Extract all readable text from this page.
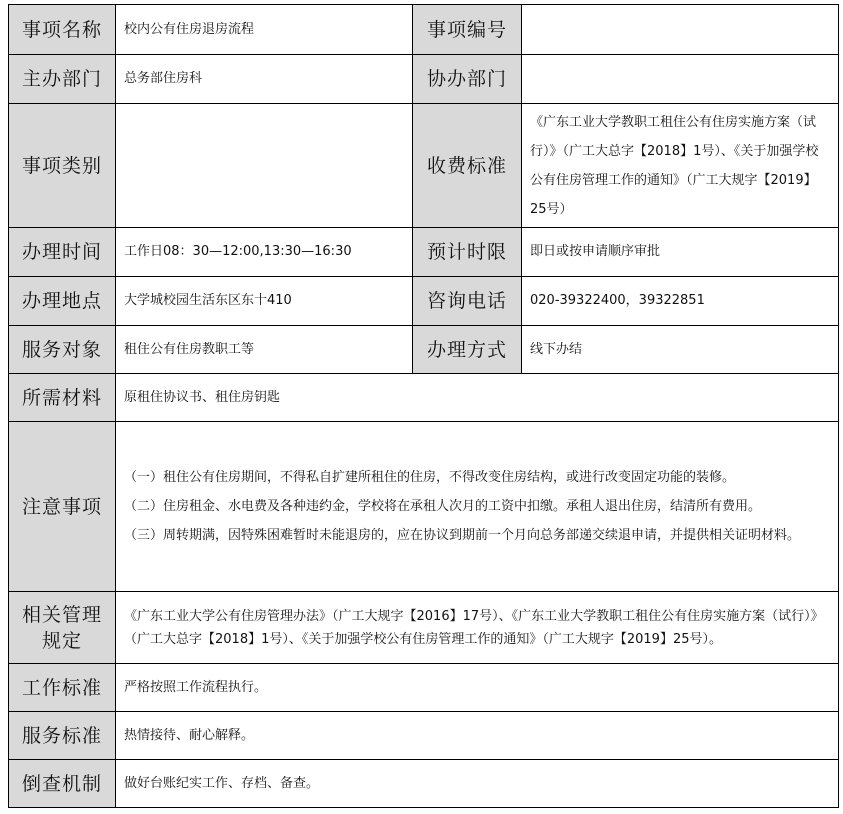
事项名称	校内公有住房退房流程	事项编号	
主办部门	总务部住房科	协办部门	
事项类别		收费标准	《广东工业大学教职工租住公有住房实施方案（试行）》（广工大总字【2018】1号）、《关于加强学校公有住房管理工作的通知》（广工大规字【2019】25号）
办理时间	工作日08：30—12:00,13:30—16:30	预计时限	即日或按申请顺序审批
办理地点	大学城校园生活东区东十410	咨询电话	020-39322400，39322851
服务对象	租住公有住房教职工等	办理方式	线下办结
所需材料	原租住协议书、租住房钥匙		
注意事项	（一）租住公有住房期间，不得私自扩建所租住的住房，不得改变住房结构，或进行改变固定功能的装修。

（二）住房租金、水电费及各种违约金，学校将在承租人次月的工资中扣缴。承租人退出住房，结清所有费用。

（三）周转期满，因特殊困难暂时未能退房的，应在协议到期前一个月向总务部递交续退申请，并提供相关证明材料。		

相关管理
规定	《广东工业大学公有住房管理办法》（广工大规字【2016】17号）、《广东工业大学教职工租住公有住房实施方案（试行）》（广工大总字【2018】1号）、《关于加强学校公有住房管理工作的通知》（广工大规字【2019】25号）。		
工作标准	严格按照工作流程执行。		
服务标准	热情接待、耐心解释。		
倒查机制	做好台账纪实工作、存档、备查。		
